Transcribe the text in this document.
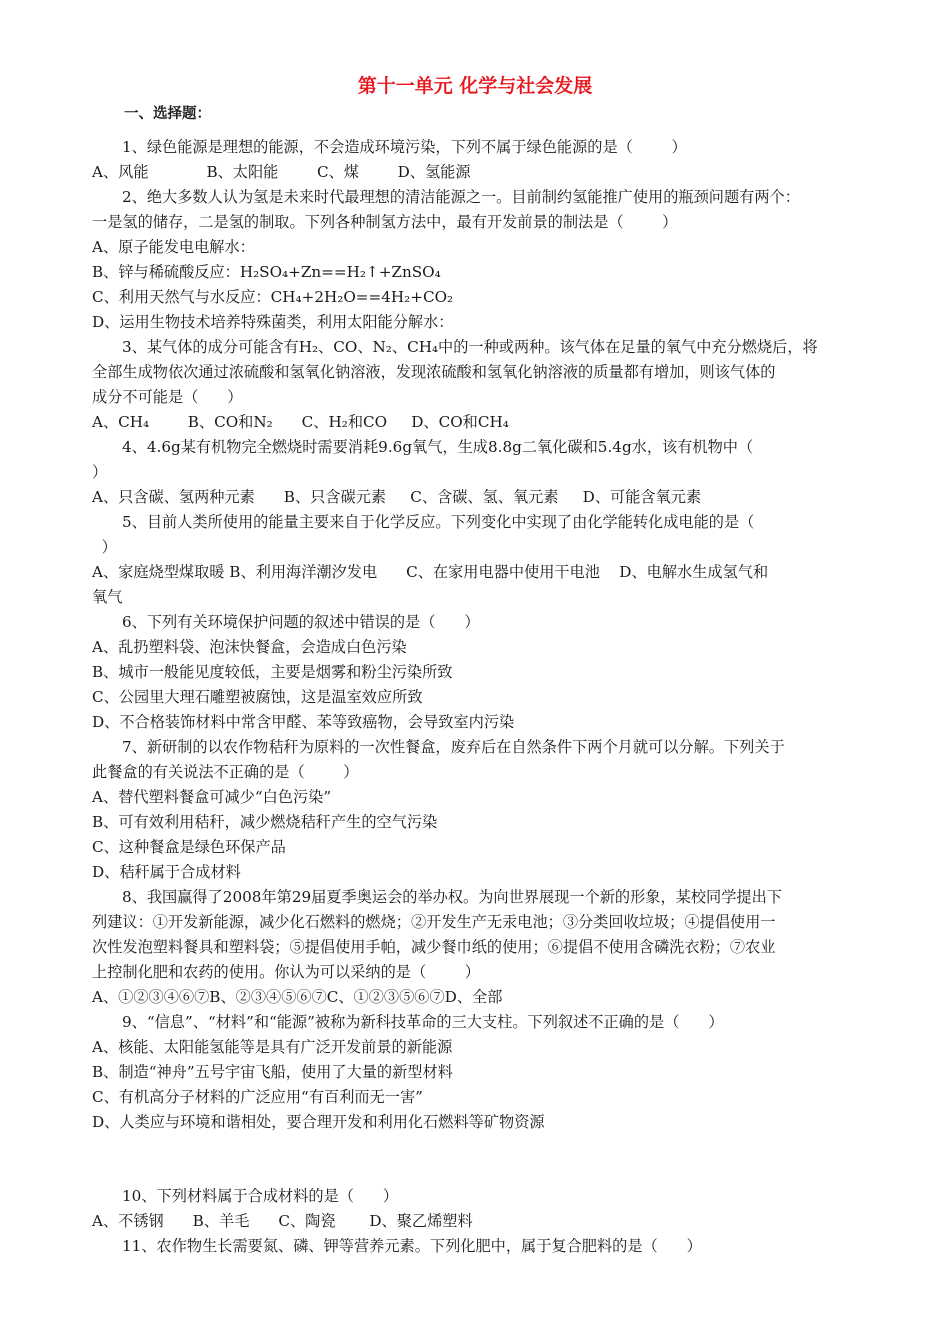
第十一单元 化学与社会发展
一、选择题：
1、绿色能源是理想的能源，不会造成环境污染，下列不属于绿色能源的是（        ）
A、风能            B、太阳能        C、煤        D、氢能源
2、绝大多数人认为氢是未来时代最理想的清洁能源之一。目前制约氢能推广使用的瓶颈问题有两个：
一是氢的储存，二是氢的制取。下列各种制氢方法中，最有开发前景的制法是（        ）
A、原子能发电电解水：
B、锌与稀硫酸反应：H₂SO₄+Zn==H₂↑+ZnSO₄
C、利用天然气与水反应：CH₄+2H₂O==4H₂+CO₂
D、运用生物技术培养特殊菌类，利用太阳能分解水：
3、某气体的成分可能含有H₂、CO、N₂、CH₄中的一种或两种。该气体在足量的氧气中充分燃烧后，将
全部生成物依次通过浓硫酸和氢氧化钠溶液，发现浓硫酸和氢氧化钠溶液的质量都有增加，则该气体的
成分不可能是（      ）
A、CH₄        B、CO和N₂      C、H₂和CO     D、CO和CH₄
4、4.6g某有机物完全燃烧时需要消耗9.6g氧气，生成8.8g二氧化碳和5.4g水，该有机物中（
）
A、只含碳、氢两种元素      B、只含碳元素     C、含碳、氢、氧元素     D、可能含氧元素
5、目前人类所使用的能量主要来自于化学反应。下列变化中实现了由化学能转化成电能的是（
）
A、家庭烧型煤取暖 B、利用海洋潮汐发电      C、在家用电器中使用干电池    D、电解水生成氢气和
氧气
6、下列有关环境保护问题的叙述中错误的是（      ）
A、乱扔塑料袋、泡沫快餐盒，会造成白色污染
B、城市一般能见度较低，主要是烟雾和粉尘污染所致
C、公园里大理石雕塑被腐蚀，这是温室效应所致
D、不合格装饰材料中常含甲醛、苯等致癌物，会导致室内污染
7、新研制的以农作物秸秆为原料的一次性餐盒，废弃后在自然条件下两个月就可以分解。下列关于
此餐盒的有关说法不正确的是（        ）
A、替代塑料餐盒可减少“白色污染”
B、可有效利用秸秆，减少燃烧秸秆产生的空气污染
C、这种餐盒是绿色环保产品
D、秸秆属于合成材料
8、我国赢得了2008年第29届夏季奥运会的举办权。为向世界展现一个新的形象，某校同学提出下
列建议：①开发新能源，减少化石燃料的燃烧；②开发生产无汞电池；③分类回收垃圾；④提倡使用一
次性发泡塑料餐具和塑料袋；⑤提倡使用手帕，减少餐巾纸的使用；⑥提倡不使用含磷洗衣粉；⑦农业
上控制化肥和农药的使用。你认为可以采纳的是（        ）
A、①②③④⑥⑦B、②③④⑤⑥⑦C、①②③⑤⑥⑦D、全部
9、“信息”、“材料”和“能源”被称为新科技革命的三大支柱。下列叙述不正确的是（      ）
A、核能、太阳能氢能等是具有广泛开发前景的新能源
B、制造“神舟”五号宇宙飞船，使用了大量的新型材料
C、有机高分子材料的广泛应用“有百利而无一害”
D、人类应与环境和谐相处，要合理开发和利用化石燃料等矿物资源
10、下列材料属于合成材料的是（      ）
A、不锈钢      B、羊毛      C、陶瓷       D、聚乙烯塑料
11、农作物生长需要氮、磷、钾等营养元素。下列化肥中，属于复合肥料的是（      ）
